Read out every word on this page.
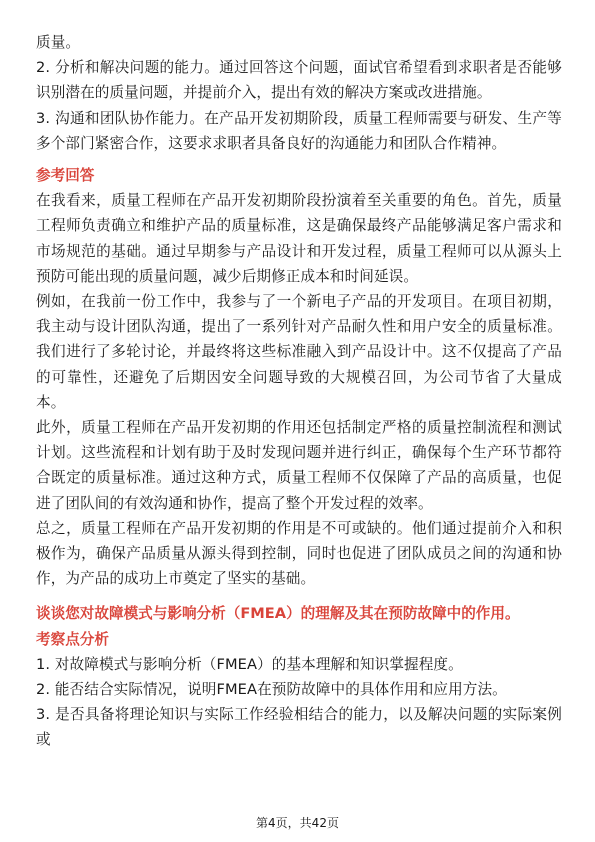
质量。

2. 分析和解决问题的能力。通过回答这个问题，面试官希望看到求职者是否能够识别潜在的质量问题，并提前介入，提出有效的解决方案或改进措施。

3. 沟通和团队协作能力。在产品开发初期阶段，质量工程师需要与研发、生产等多个部门紧密合作，这要求求职者具备良好的沟通能力和团队合作精神。

参考回答

在我看来，质量工程师在产品开发初期阶段扮演着至关重要的角色。首先，质量工程师负责确立和维护产品的质量标准，这是确保最终产品能够满足客户需求和市场规范的基础。通过早期参与产品设计和开发过程，质量工程师可以从源头上预防可能出现的质量问题，减少后期修正成本和时间延误。

例如，在我前一份工作中，我参与了一个新电子产品的开发项目。在项目初期，我主动与设计团队沟通，提出了一系列针对产品耐久性和用户安全的质量标准。我们进行了多轮讨论，并最终将这些标准融入到产品设计中。这不仅提高了产品的可靠性，还避免了后期因安全问题导致的大规模召回，为公司节省了大量成本。

此外，质量工程师在产品开发初期的作用还包括制定严格的质量控制流程和测试计划。这些流程和计划有助于及时发现问题并进行纠正，确保每个生产环节都符合既定的质量标准。通过这种方式，质量工程师不仅保障了产品的高质量，也促进了团队间的有效沟通和协作，提高了整个开发过程的效率。

总之，质量工程师在产品开发初期的作用是不可或缺的。他们通过提前介入和积极作为，确保产品质量从源头得到控制，同时也促进了团队成员之间的沟通和协作，为产品的成功上市奠定了坚实的基础。

谈谈您对故障模式与影响分析（FMEA）的理解及其在预防故障中的作用。

考察点分析

1. 对故障模式与影响分析（FMEA）的基本理解和知识掌握程度。

2. 能否结合实际情况，说明FMEA在预防故障中的具体作用和应用方法。

3. 是否具备将理论知识与实际工作经验相结合的能力，以及解决问题的实际案例或

第4页，共42页
